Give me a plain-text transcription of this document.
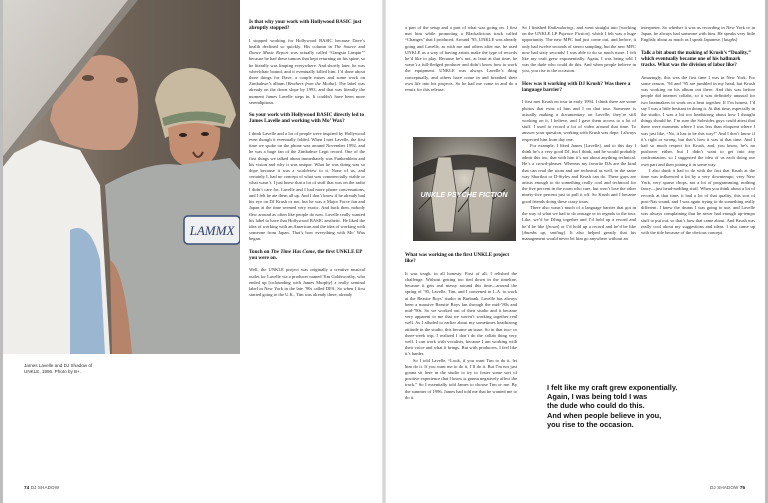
LAMMX
James Lavelle and DJ Shadow of UNKLE, 1996. Photo by B+.
Is that why your work with Hollywood BASIC just abruptly stopped?

I stopped working for Hollywood BASIC because Dave’s health declined so quickly. His column in The Source and Dance Music Report was actually called “Gangsta Limpin’” because he had these tumors that kept returning on his spine, so he literally was limping everywhere. And shortly later, he was wheelchair bound, and it eventually killed him. I’d done about three things for Dave, a couple mixes and some work on Zimbabwe’s album [Brothers from the Motha]. The label was already on the down slope by 1993, and that was literally the moment James Lavelle steps in. It couldn’t have been more serendipitous.

So your work with Hollywood BASIC directly led to James Lavelle and working with Mo’ Wax?

I think Lavelle and a lot of people were inspired by Hollywood even though it eventually folded. When I met Lavelle, the first time we spoke on the phone was around November 1992, and he was a huge fan of the Zimbabwe Legit record. One of the first things we talked about immediately was Funkenklein and his vision and why it was unique. What he was doing was so dope because it was a worldview to it. None of us, and certainly I, had no concept of what was commercially viable or what wasn’t. I just knew that a lot of stuff that was on the radio I didn’t care for. Lavelle and I had more phone conversations, and I felt he ate them all up. And I don’t know if he already had his eye on DJ Krush or not, but he was a Major Force fan and Japan at the time seemed very exotic. And back then, nobody flew around as often like people do now. Lavelle really wanted his label to have that Hollywood BASIC aesthetic. He liked the idea of working with an American and the idea of working with someone from Japan. That’s how everything with Mo’ Wax began.

Touch on The Time Has Come, the first UNKLE EP you were on.

Well, the UNKLE project was originally a creative musical outlet for Lavelle via a producer named Tim Goldsworthy, who ended up [cofounding with James Murphy] a really seminal label in New York in the late ’90s called DFA. So when I first started going to the U.K., Tim was already there, already

74 DJ SHADOW

a part of the setup and a part of what was going on. I first met him while promoting a Blackalicious track called “Changes” that I produced. Around ’95, UNKLE was already going and Lavelle, as with me and others after me, he used UNKLE as a way of having artists make the type of records he’d like to play. Because he’s not, at least at that time, he wasn’t a full-fledged producer and didn’t know how to work the equipment. UNKLE was always Lavelle’s thing conceptually, and others have come in and breathed their own life into his projects. So he had me come in and do a remix for this release.

UNKLE PSYCHE FICTION
What was working on the first UNKLE project like?

It was tough, in all honesty. First of all, I relished the challenge. Without getting too tied down in the timeline, because it gets real messy around this time—around the spring of ’95, Lavelle, Tim, and I convened in L.A. to work at the Beastie Boys’ studio in Burbank. Lavelle has always been a massive Beastie Boys fan through the mid-’80s and mid-’90s. So we worked out of their studio and it became very apparent to me that we weren’t working together real well. As I alluded to earlier about my sometimes headstrong attitude in the studio, this became an issue. So in that two- or three-week trip, I realized I don’t do the collab thing very well. I can work with vocalists, because I am working with their voice and what it brings. But with producers, I feel like it’s harder.

So I told Lavelle, “Look, if you want Tim to do it, let him do it. If you want me to do it, I’ll do it. But I’m not just gonna sit here in the studio to try to foster some sort of positive experience that I know is gonna negatively affect the track.” So I essentially told James to choose Tim or me. By the summer of 1996, James had told me that he wanted me to do it.

So I finished Endtroducing.. and went straight into [working on the UNKLE LP Psyence Fiction], which I felt was a huge opportunity. The new MPC had just come out, and before, it only had twelve seconds of stereo sampling, but the new MPC now had sixty seconds! I was able to do so much more. I felt like my craft grew exponentially. Again, I was being told I was the dude who could do this. And when people believe in you, you rise to the occasion.

How was it working with DJ Krush? Was there a language barrier?

I first met Krush on tour in early 1994. I think there are some photos that exist of him and I on that tour. Someone is actually making a documentary on Lavelle; they’re still working on it, I believe, and I gave them access to a lot of stuff. I used to record a lot of video around that time. To answer your question, working with Krush was dope. I always respected him from day one.

For example, I liked James [Lavelle], and to this day I think he’s a very good DJ, but I think, and he would probably admit this too, that with him it’s not about anything technical. He’s a crowd-pleaser. Whereas my favorite DJs are the kind that can read the room and are technical as well, in the same way Shortkut or D-Styles and Krush can do. These guys are artists enough to do something really cool and technical for the five percent in the room who care, but won’t lose the other ninety-five percent just to pull it off. So Krush and I became good friends doing these crazy tours.

There also wasn’t much of a language barrier that got in the way of what we had to do onstage or in regards to the tour. Like, we’d be DJing together and I’d hold up a record and he’d be like [frown] or I’d hold up a record and he’d be like [thumbs up, smiling]. It also helped greatly that his management would never let him go anywhere without an

interpreter. So whether it was us recording in New York or in Japan, he always had someone with him. He speaks very little English; about as much as I speak Japanese. [laughs]

Talk a bit about the making of Krush’s “Duality,” which eventually became one of his hallmark tracks. What was the division of labor like?

Amazingly, this was the first time I was in New York. For some reason, ’94 and ’95 are jumbled in my head, but Krush was working on his album out there. And this was before people did internet collabs, so it was definitely unusual for two beatmakers to work on a beat together. If I’m honest, I’d say I was a little hesitant in doing it. At that time, especially in the studio, I was a bit too headstrong about how I thought things should be. I’m sure the Solesides guys could attest that there were moments where I was less than eloquent where I was just like, “No, it has to be this way!” And I don’t know if it’s right or wrong, but that’s how it was at that time. And I had so much respect for Krush, and, you know, he’s no pushover either, but I didn’t want to get into any confrontation, so I suggested the idea of us each doing our own part and then joining it in some way.

I also think it had to do with the fact that Krush at the time was influenced a lot by a very downtempo, very New York, very sparse chops, not a lot of programming, nothing fancy—just head-nodding stuff. When you think about a lot of records at that time, it had a lot of that quality, this sort of post-Nas sound, and I was again trying to do something really different. I knew the drums I was going to use, and Lavelle was always complaining that he never had enough up-tempo stuff to put out, so that’s how that came about. And Krush was really cool about my suggestions and ideas. I also came up with the title because of the obvious concept.

I felt like my craft grew exponentially.
Again, I was being told I was
the dude who could do this.
And when people believe in you,
you rise to the occasion.
DJ SHADOW 75
